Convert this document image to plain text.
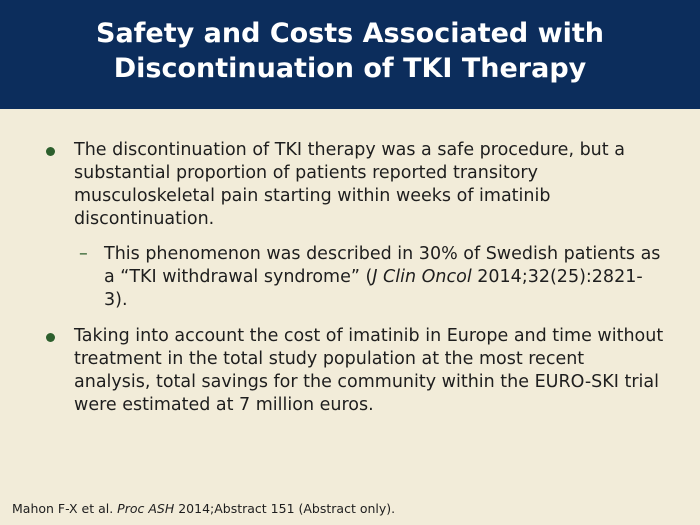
Safety and Costs Associated with
Discontinuation of TKI Therapy
The discontinuation of TKI therapy was a safe procedure, but a substantial proportion of patients reported transitory musculoskeletal pain starting within weeks of imatinib discontinuation.
– This phenomenon was described in 30% of Swedish patients as a “TKI withdrawal syndrome” (J Clin Oncol 2014;32(25):2821-3).
Taking into account the cost of imatinib in Europe and time without treatment in the total study population at the most recent analysis, total savings for the community within the EURO-SKI trial were estimated at 7 million euros.
Mahon F-X et al. Proc ASH 2014;Abstract 151 (Abstract only).
